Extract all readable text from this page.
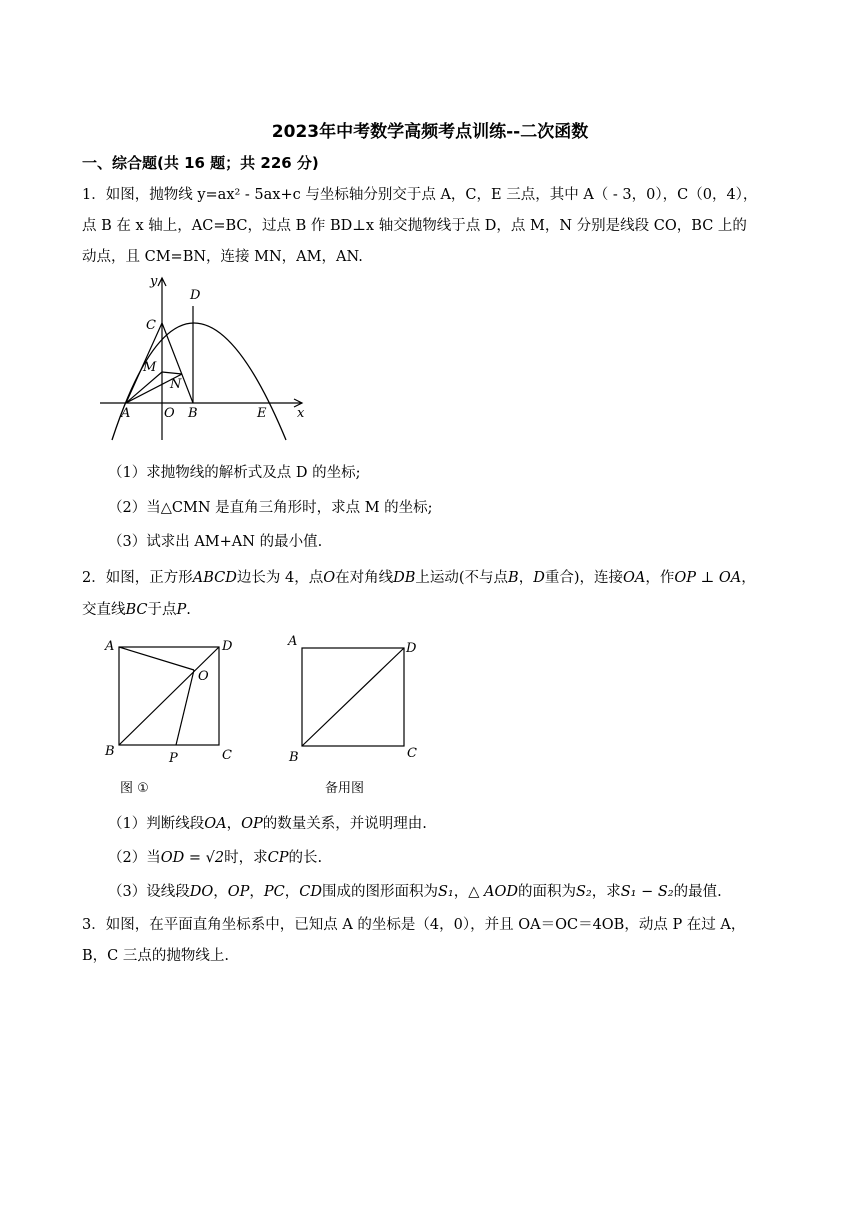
2023年中考数学高频考点训练--二次函数
一、综合题(共 16 题；共 226 分)
1．如图，抛物线 y=ax² - 5ax+c 与坐标轴分别交于点 A，C，E 三点，其中 A（ - 3，0），C（0，4），
点 B 在 x 轴上，AC=BC，过点 B 作 BD⊥x 轴交抛物线于点 D，点 M，N 分别是线段 CO，BC 上的
动点，且 CM=BN，连接 MN，AM，AN.
y
D
C
M
N
A	O B	E x
（1）求抛物线的解析式及点 D 的坐标;
（2）当△CMN 是直角三角形时，求点 M 的坐标;
（3）试求出 AM+AN 的最小值.
2．如图，正方形ABCD边长为 4，点O在对角线DB上运动(不与点B，D重合)，连接OA，作OP ⊥ OA，
交直线BC于点P.
A	D
O
B	P	C
图 ①
A	D
B	C
备用图
（1）判断线段OA，OP的数量关系，并说明理由.
（2）当OD = √2时，求CP的长.
（3）设线段DO，OP，PC，CD围成的图形面积为S₁，△ AOD的面积为S₂，求S₁ − S₂的最值.
3．如图，在平面直角坐标系中，已知点 A 的坐标是（4，0），并且 OA＝OC＝4OB，动点 P 在过 A，
B，C 三点的抛物线上.
